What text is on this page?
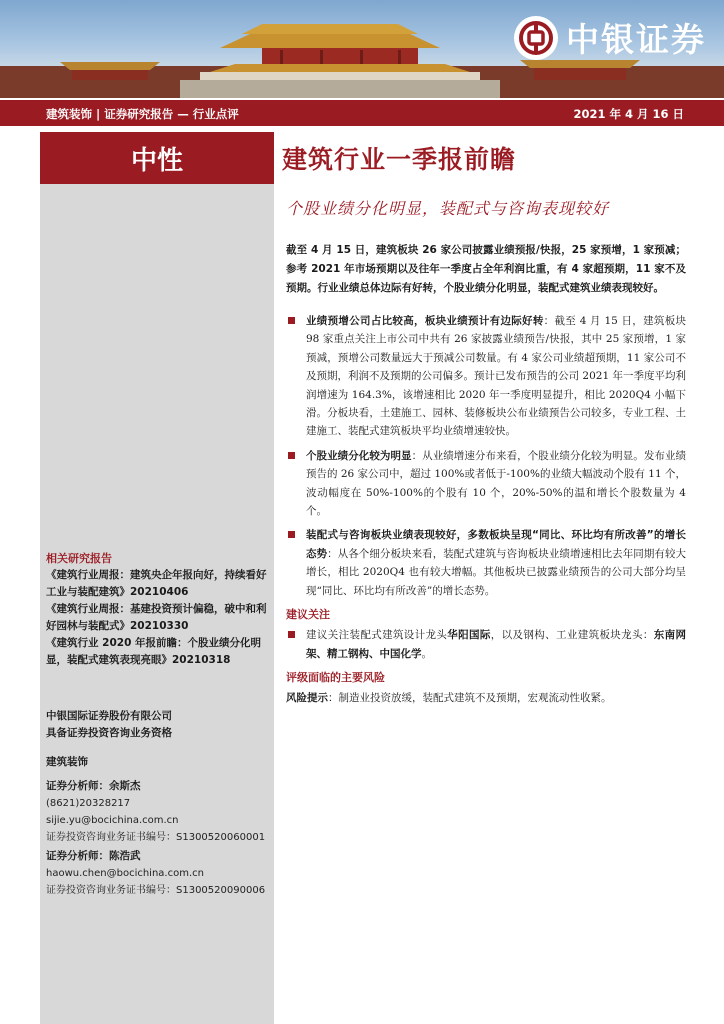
中银证券
建筑装饰 | 证券研究报告 — 行业点评	2021 年 4 月 16 日
中性
相关研究报告
《建筑行业周报：建筑央企年报向好，持续看好工业与装配建筑》20210406
《建筑行业周报：基建投资预计偏稳，破中和利好园林与装配式》20210330
《建筑行业 2020 年报前瞻：个股业绩分化明显，装配式建筑表现亮眼》20210318
中银国际证券股份有限公司
具备证券投资咨询业务资格
建筑装饰
证券分析师：余斯杰
(8621)20328217
sijie.yu@bocichina.com.cn
证券投资咨询业务证书编号：S1300520060001
证券分析师：陈浩武
haowu.chen@bocichina.com.cn
证券投资咨询业务证书编号：S1300520090006
建筑行业一季报前瞻
个股业绩分化明显，装配式与咨询表现较好
截至 4 月 15 日，建筑板块 26 家公司披露业绩预报/快报，25 家预增，1 家预减；参考 2021 年市场预期以及往年一季度占全年利润比重，有 4 家超预期，11 家不及预期。行业业绩总体边际有好转，个股业绩分化明显，装配式建筑业绩表现较好。
业绩预增公司占比较高，板块业绩预计有边际好转：截至 4 月 15 日，建筑板块 98 家重点关注上市公司中共有 26 家披露业绩预告/快报，其中 25 家预增，1 家预减，预增公司数量远大于预减公司数量。有 4 家公司业绩超预期，11 家公司不及预期，利润不及预期的公司偏多。预计已发布预告的公司 2021 年一季度平均利润增速为 164.3%，该增速相比 2020 年一季度明显提升，相比 2020Q4 小幅下滑。分板块看，土建施工、园林、装修板块公布业绩预告公司较多，专业工程、土建施工、装配式建筑板块平均业绩增速较快。
个股业绩分化较为明显：从业绩增速分布来看，个股业绩分化较为明显。发布业绩预告的 26 家公司中，超过 100%或者低于-100%的业绩大幅波动个股有 11 个，波动幅度在 50%-100%的个股有 10 个，20%-50%的温和增长个股数量为 4 个。
装配式与咨询板块业绩表现较好，多数板块呈现“同比、环比均有所改善”的增长态势：从各个细分板块来看，装配式建筑与咨询板块业绩增速相比去年同期有较大增长，相比 2020Q4 也有较大增幅。其他板块已披露业绩预告的公司大部分均呈现“同比、环比均有所改善”的增长态势。
建议关注
建议关注装配式建筑设计龙头华阳国际，以及钢构、工业建筑板块龙头：东南网架、精工钢构、中国化学。
评级面临的主要风险
风险提示：制造业投资放缓，装配式建筑不及预期，宏观流动性收紧。
